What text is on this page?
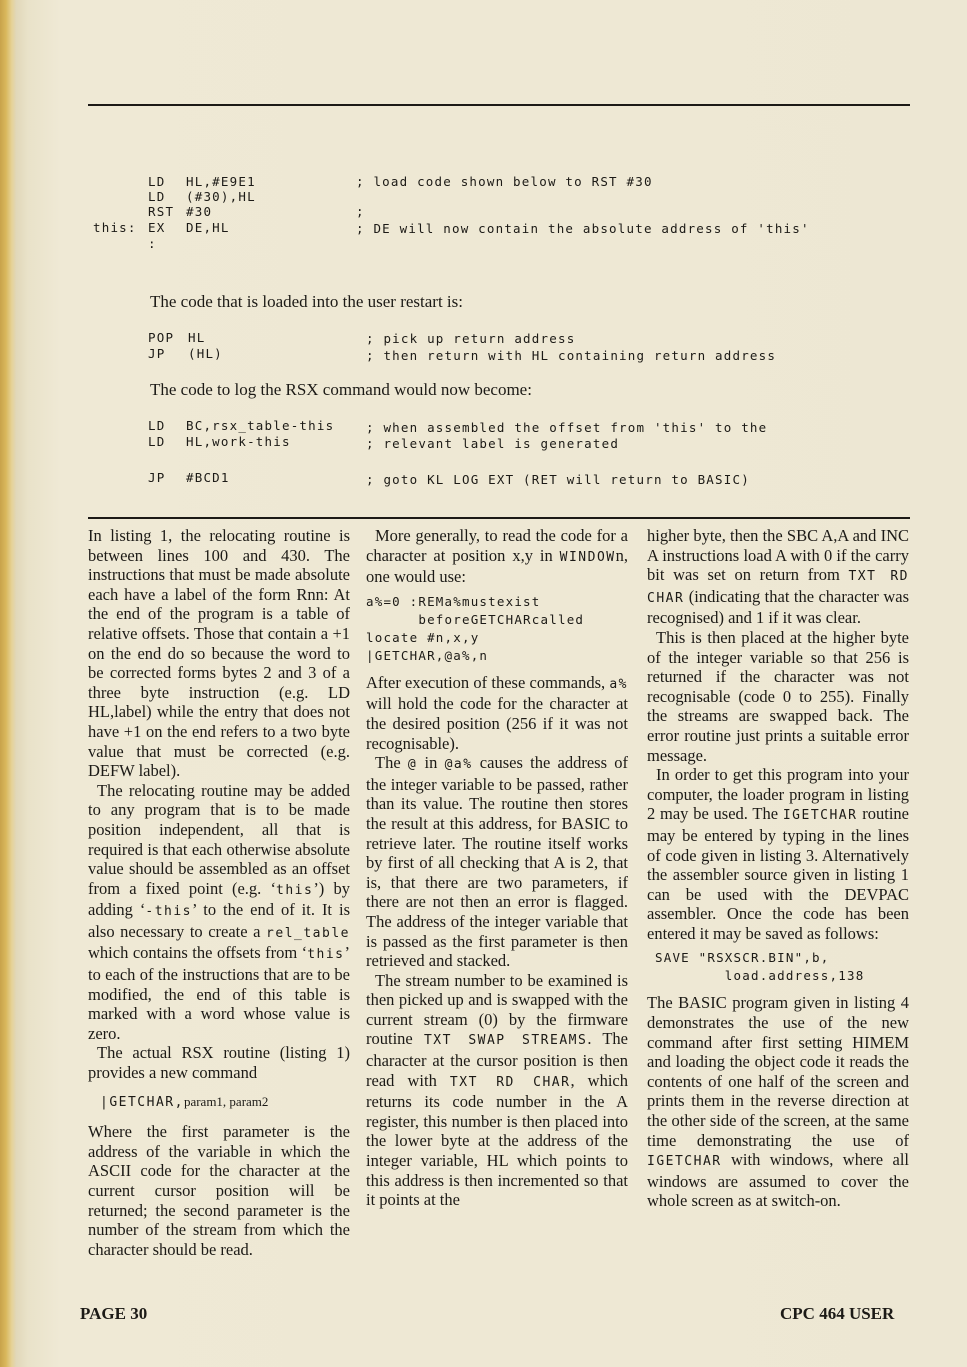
LD HL,#E9E1	; load code shown below to RST #30
LD (#30),HL
RST #30	;
this: EX DE,HL	; DE will now contain the absolute address of 'this'
:
The code that is loaded into the user restart is:
POP HL	; pick up return address
JP (HL)	; then return with HL containing return address
The code to log the RSX command would now become:
LD BC,rsx_table-this	; when assembled the offset from 'this' to the
LD HL,work-this	; relevant label is generated
JP #BCD1	; goto KL LOG EXT (RET will return to BASIC)

In listing 1, the relocating routine is between lines 100 and 430. The instructions that must be made absolute each have a label of the form Rnn: At the end of the program is a table of relative offsets. Those that contain a +1 on the end do so because the word to be corrected forms bytes 2 and 3 of a three byte instruction (e.g. LD HL,label) while the entry that does not have +1 on the end refers to a two byte value that must be corrected (e.g. DEFW label).

The relocating routine may be added to any program that is to be made position independent, all that is required is that each otherwise absolute value should be assembled as an offset from a fixed point (e.g. ‘this’) by adding ‘-this’ to the end of it. It is also necessary to create a rel_table which contains the offsets from ‘this’ to each of the instructions that are to be modified, the end of this table is marked with a word whose value is zero.

The actual RSX routine (listing 1) provides a new command

|GETCHAR,param1, param2

Where the first parameter is the address of the variable in which the ASCII code for the character at the current cursor position will be returned; the second parameter is the number of the stream from which the character should be read.

More generally, to read the code for a character at position x,y in WINDOWn, one would use:

a%=0 :REMa%mustexist
beforeGETCHARcalled
locate #n,x,y
|GETCHAR,@a%,n

After execution of these commands, a% will hold the code for the character at the desired position (256 if it was not recognisable).

The @ in @a% causes the address of the integer variable to be passed, rather than its value. The routine then stores the result at this address, for BASIC to retrieve later. The routine itself works by first of all checking that A is 2, that is, that there are two parameters, if there are not then an error is flagged. The address of the integer variable that is passed as the first parameter is then retrieved and stacked.

The stream number to be examined is then picked up and is swapped with the current stream (0) by the firmware routine TXT SWAP STREAMS. The character at the cursor position is then read with TXT RD CHAR, which returns its code number in the A register, this number is then placed into the lower byte at the address of the integer variable, HL which points to this address is then incremented so that it points at the

higher byte, then the SBC A,A and INC A instructions load A with 0 if the carry bit was set on return from TXT RD CHAR (indicating that the character was recognised) and 1 if it was clear.

This is then placed at the higher byte of the integer variable so that 256 is returned if the character was not recognisable (code 0 to 255). Finally the streams are swapped back. The error routine just prints a suitable error message.

In order to get this program into your computer, the loader program in listing 2 may be used. The IGETCHAR routine may be entered by typing in the lines of code given in listing 3. Alternatively the assembler source given in listing 1 can be used with the DEVPAC assembler. Once the code has been entered it may be saved as follows:

SAVE "RSXSCR.BIN",b,
load.address,138

The BASIC program given in listing 4 demonstrates the use of the new command after first setting HIMEM and loading the object code it reads the contents of one half of the screen and prints them in the reverse direction at the other side of the screen, at the same time demonstrating the use of IGETCHAR with windows, where all windows are assumed to cover the whole screen as at switch-on.

PAGE 30	CPC 464 USER
